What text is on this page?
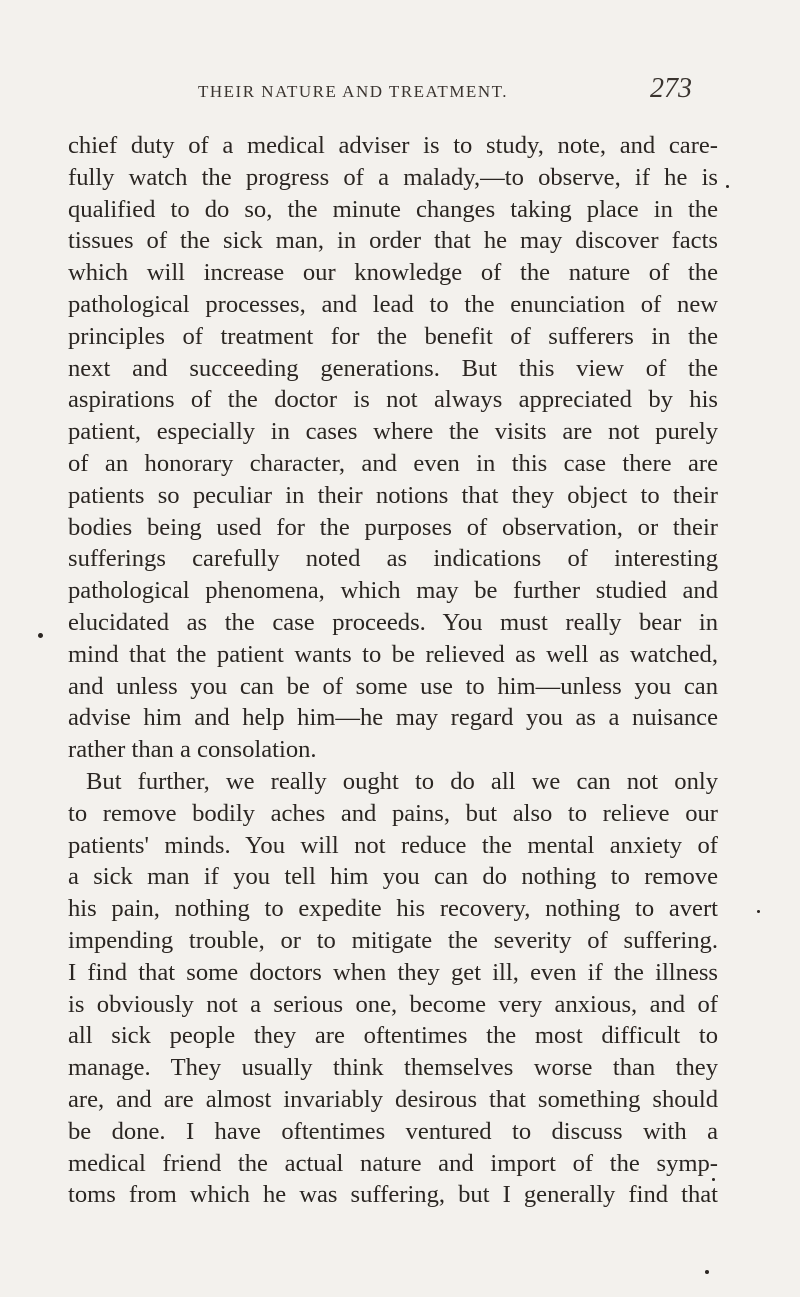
THEIR NATURE AND TREATMENT.	273
chief duty of a medical adviser is to study, note, and care-
fully watch the progress of a malady,—to observe, if he is
qualified to do so, the minute changes taking place in the
tissues of the sick man, in order that he may discover facts
which will increase our knowledge of the nature of the
pathological processes, and lead to the enunciation of new
principles of treatment for the benefit of sufferers in the
next and succeeding generations. But this view of the
aspirations of the doctor is not always appreciated by his
patient, especially in cases where the visits are not purely
of an honorary character, and even in this case there are
patients so peculiar in their notions that they object to their
bodies being used for the purposes of observation, or their
sufferings carefully noted as indications of interesting
pathological phenomena, which may be further studied and
elucidated as the case proceeds. You must really bear in
mind that the patient wants to be relieved as well as watched,
and unless you can be of some use to him—unless you can
advise him and help him—he may regard you as a nuisance
rather than a consolation.
But further, we really ought to do all we can not only
to remove bodily aches and pains, but also to relieve our
patients' minds. You will not reduce the mental anxiety of
a sick man if you tell him you can do nothing to remove
his pain, nothing to expedite his recovery, nothing to avert
impending trouble, or to mitigate the severity of suffering.
I find that some doctors when they get ill, even if the illness
is obviously not a serious one, become very anxious, and of
all sick people they are oftentimes the most difficult to
manage. They usually think themselves worse than they
are, and are almost invariably desirous that something should
be done. I have oftentimes ventured to discuss with a
medical friend the actual nature and import of the symp-
toms from which he was suffering, but I generally find that
